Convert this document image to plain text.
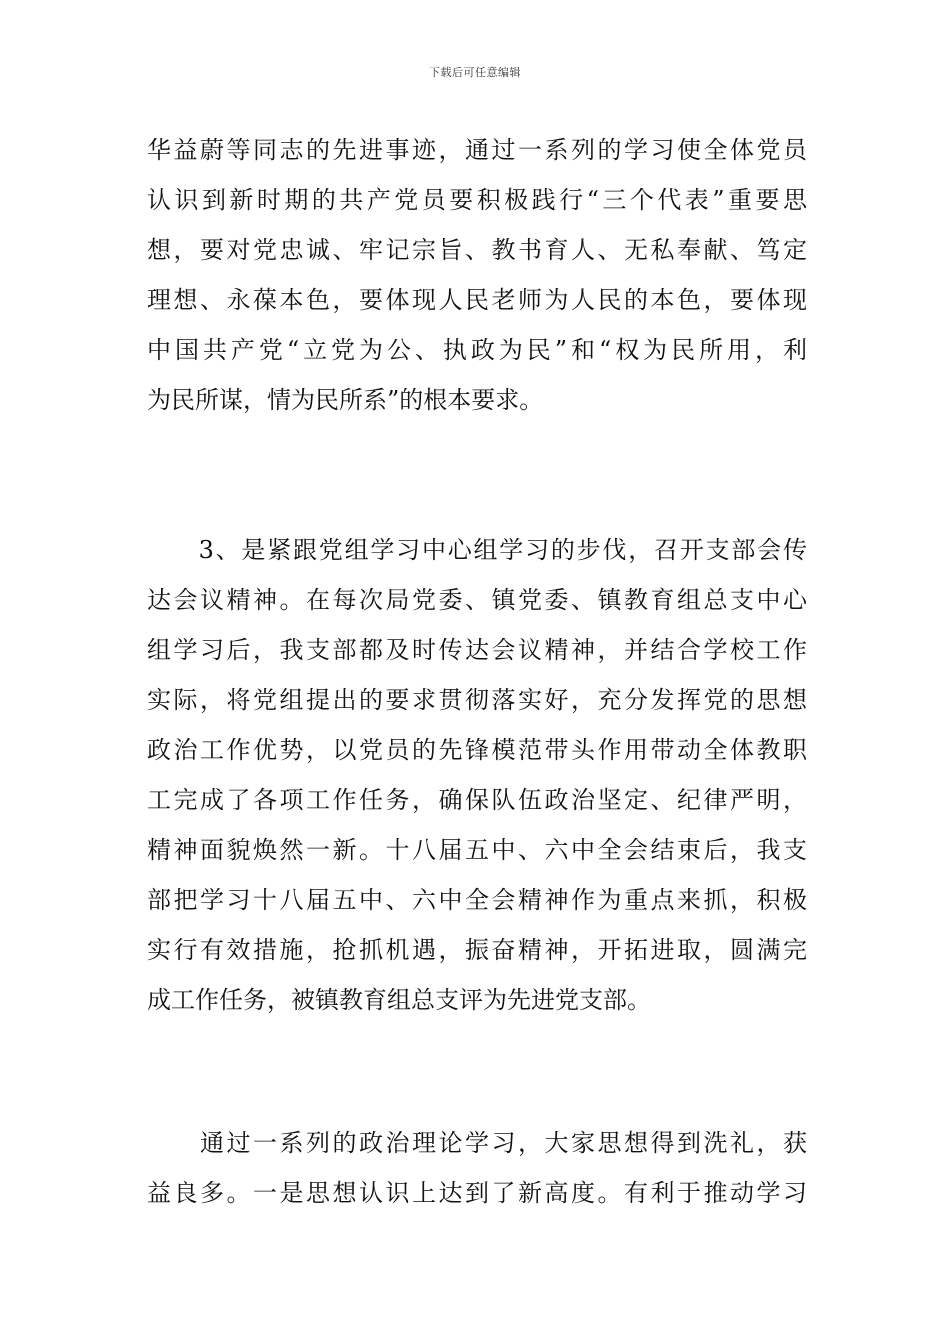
下载后可任意编辑
华益蔚等同志的先进事迹，通过一系列的学习使全体党员
认识到新时期的共产党员要积极践行“三个代表”重要思
想，要对党忠诚、牢记宗旨、教书育人、无私奉献、笃定
理想、永葆本色，要体现人民老师为人民的本色，要体现
中国共产党“立党为公、执政为民”和“权为民所用，利
为民所谋，情为民所系”的根本要求。
　　3、是紧跟党组学习中心组学习的步伐，召开支部会传
达会议精神。在每次局党委、镇党委、镇教育组总支中心
组学习后，我支部都及时传达会议精神，并结合学校工作
实际，将党组提出的要求贯彻落实好，充分发挥党的思想
政治工作优势，以党员的先锋模范带头作用带动全体教职
工完成了各项工作任务，确保队伍政治坚定、纪律严明，
精神面貌焕然一新。十八届五中、六中全会结束后，我支
部把学习十八届五中、六中全会精神作为重点来抓，积极
实行有效措施，抢抓机遇，振奋精神，开拓进取，圆满完
成工作任务，被镇教育组总支评为先进党支部。
　　通过一系列的政治理论学习，大家思想得到洗礼，获
益良多。一是思想认识上达到了新高度。有利于推动学习
